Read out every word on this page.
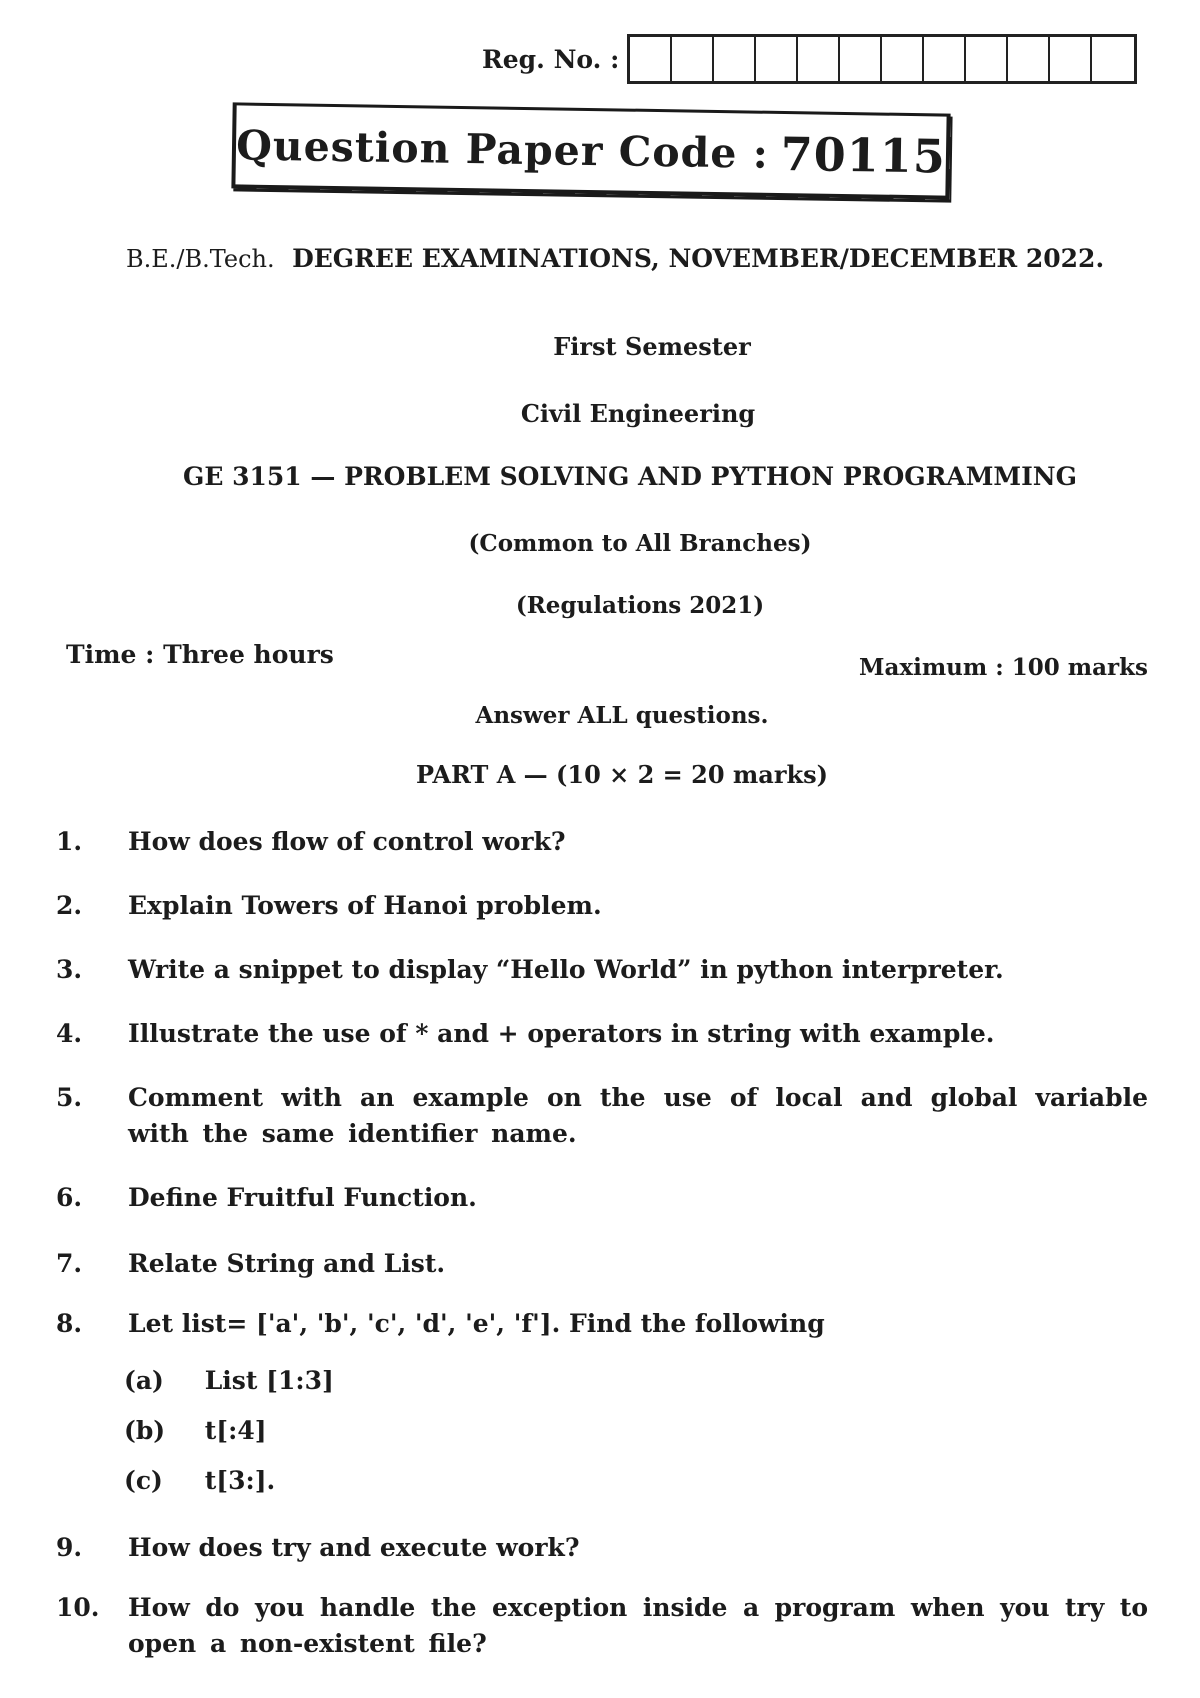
Reg. No. :
Question Paper Code : 70115
B.E./B.Tech. DEGREE EXAMINATIONS, NOVEMBER/DECEMBER 2022.
First Semester
Civil Engineering
GE 3151 — PROBLEM SOLVING AND PYTHON PROGRAMMING
(Common to All Branches)
(Regulations 2021)
Time : Three hours	Maximum : 100 marks
Answer ALL questions.
PART A — (10 × 2 = 20 marks)
1.	How does flow of control work?
2.	Explain Towers of Hanoi problem.
3.	Write a snippet to display “Hello World” in python interpreter.
4.	Illustrate the use of * and + operators in string with example.
5.	Comment with an example on the use of local and global variable with the same identifier name.
6.	Define Fruitful Function.
7.	Relate String and List.
8.	Let list= ['a', 'b', 'c', 'd', 'e', 'f']. Find the following
(a) List [1:3]
(b) t[:4]
(c) t[3:].
9.	How does try and execute work?
10.	How do you handle the exception inside a program when you try to open a non-existent file?
